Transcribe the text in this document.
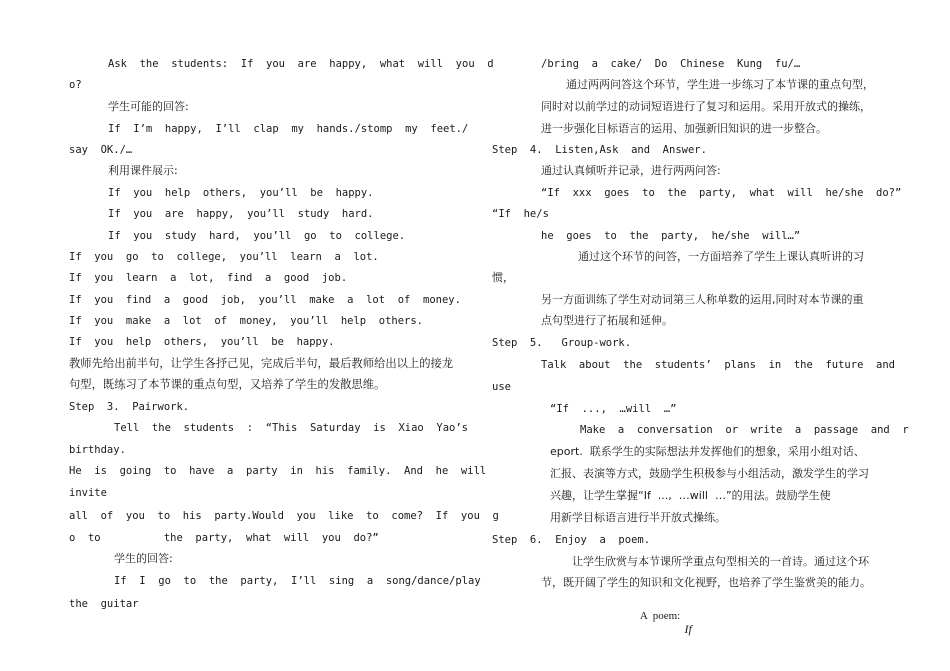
Ask  the  students:  If  you  are  happy,  what  will  you  d
o?
学生可能的回答:
If  I’m  happy,  I’ll  clap  my  hands./stomp  my  feet./
say  OK./…
利用课件展示:
If  you  help  others,  you’ll  be  happy.
If  you  are  happy,  you’ll  study  hard.
If  you  study  hard,  you’ll  go  to  college.
If  you  go  to  college,  you’ll  learn  a  lot.
If  you  learn  a  lot,  find  a  good  job.
If  you  find  a  good  job,  you’ll  make  a  lot  of  money.
If  you  make  a  lot  of  money,  you’ll  help  others.
If  you  help  others,  you’ll  be  happy.
教师先给出前半句，让学生各抒己见，完成后半句，最后教师给出以上的接龙
句型，既练习了本节课的重点句型，又培养了学生的发散思维。
Step  3.  Pairwork.
Tell  the  students  :  “This  Saturday  is  Xiao  Yao’s
birthday.
He  is  going  to  have  a  party  in  his  family.  And  he  will
invite
all  of  you  to  his  party.Would  you  like  to  come?  If  you  g
o  to          the  party,  what  will  you  do?”
学生的回答:
If  I  go  to  the  party,  I’ll  sing  a  song/dance/play
the  guitar
/bring  a  cake/  Do  Chinese  Kung  fu/…
通过两两问答这个环节，学生进一步练习了本节课的重点句型，
同时对以前学过的动词短语进行了复习和运用。采用开放式的操练，
进一步强化目标语言的运用、加强新旧知识的进一步整合。
Step  4.  Listen,Ask  and  Answer.
通过认真倾听并记录，进行两两问答:
“If  xxx  goes  to  the  party,  what  will  he/she  do?”
“If  he/s
he  goes  to  the  party,  he/she  will…”
通过这个环节的问答，一方面培养了学生上课认真听讲的习
惯，
另一方面训练了学生对动词第三人称单数的运用,同时对本节课的重
点句型进行了拓展和延伸。
Step  5.   Group-work.
Talk  about  the  students’  plans  in  the  future  and
use
“If  ...,  …will  …”
Make  a  conversation  or  write  a  passage  and  r
eport.  联系学生的实际想法并发挥他们的想象，采用小组对话、
汇报、表演等方式，鼓励学生积极参与小组活动，激发学生的学习
兴趣，让学生掌握“If  ...,  …will  …”的用法。鼓励学生使
用新学目标语言进行半开放式操练。
Step  6.  Enjoy  a  poem.
让学生欣赏与本节课所学重点句型相关的一首诗。通过这个环
节，既开阔了学生的知识和文化视野，也培养了学生鉴赏美的能力。

A  poem:
If
